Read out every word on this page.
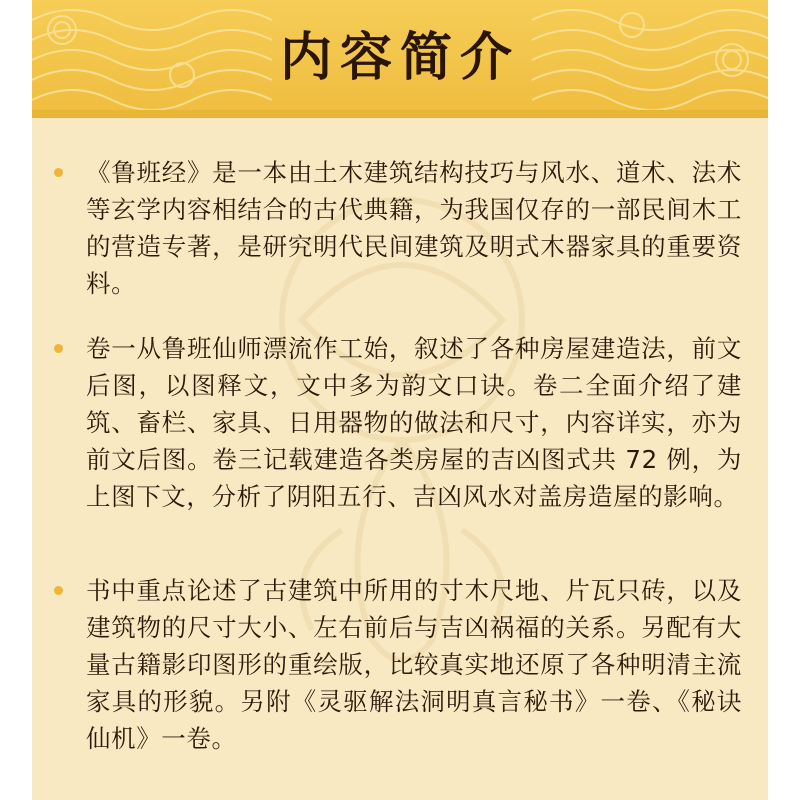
内容简介
《鲁班经》是一本由土木建筑结构技巧与风水、道术、法术等玄学内容相结合的古代典籍，为我国仅存的一部民间木工的营造专著，是研究明代民间建筑及明式木器家具的重要资料。
卷一从鲁班仙师漂流作工始，叙述了各种房屋建造法，前文后图，以图释文，文中多为韵文口诀。卷二全面介绍了建筑、畜栏、家具、日用器物的做法和尺寸，内容详实，亦为前文后图。卷三记载建造各类房屋的吉凶图式共 72 例，为上图下文，分析了阴阳五行、吉凶风水对盖房造屋的影响。
书中重点论述了古建筑中所用的寸木尺地、片瓦只砖，以及建筑物的尺寸大小、左右前后与吉凶祸福的关系。另配有大量古籍影印图形的重绘版，比较真实地还原了各种明清主流家具的形貌。另附《灵驱解法洞明真言秘书》一卷、《秘诀仙机》一卷。
